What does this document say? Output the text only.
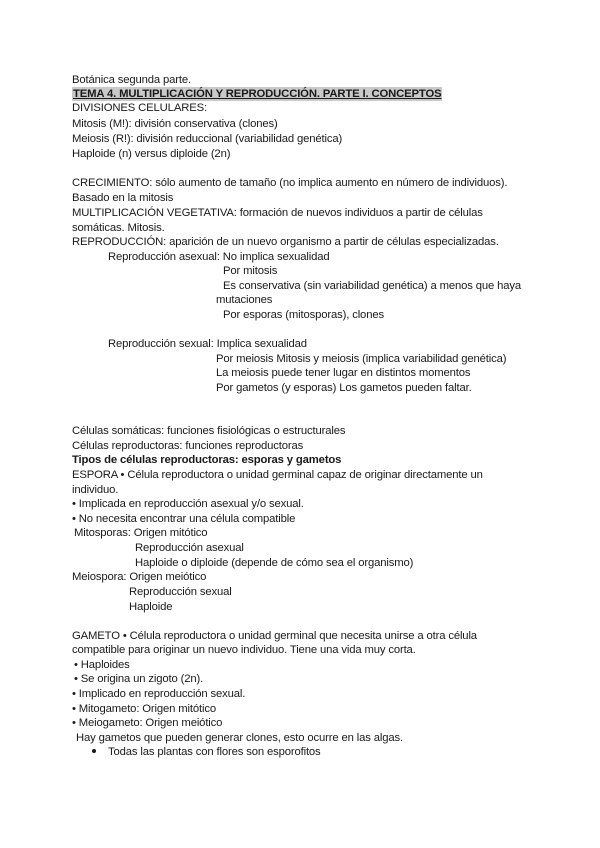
Botánica segunda parte.
TEMA 4. MULTIPLICACIÓN Y REPRODUCCIÓN. PARTE I. CONCEPTOS
DIVISIONES CELULARES:
Mitosis (M!): división conservativa (clones)
Meiosis (R!): división reduccional (variabilidad genética)
Haploide (n) versus diploide (2n)
CRECIMIENTO: sólo aumento de tamaño (no implica aumento en número de individuos).
Basado en la mitosis
MULTIPLICACIÓN VEGETATIVA: formación de nuevos individuos a partir de células
somáticas. Mitosis.
REPRODUCCIÓN: aparición de un nuevo organismo a partir de células especializadas.
Reproducción asexual: No implica sexualidad
Por mitosis
Es conservativa (sin variabilidad genética) a menos que haya
mutaciones
Por esporas (mitosporas), clones
Reproducción sexual: Implica sexualidad
Por meiosis Mitosis y meiosis (implica variabilidad genética)
La meiosis puede tener lugar en distintos momentos
Por gametos (y esporas) Los gametos pueden faltar.
Células somáticas: funciones fisiológicas o estructurales
Células reproductoras: funciones reproductoras
Tipos de células reproductoras: esporas y gametos
ESPORA • Célula reproductora o unidad germinal capaz de originar directamente un
individuo.
• Implicada en reproducción asexual y/o sexual.
• No necesita encontrar una célula compatible
Mitosporas: Origen mitótico
Reproducción asexual
Haploide o diploide (depende de cómo sea el organismo)
Meiospora: Origen meiótico
Reproducción sexual
Haploide
GAMETO • Célula reproductora o unidad germinal que necesita unirse a otra célula
compatible para originar un nuevo individuo. Tiene una vida muy corta.
• Haploides
• Se origina un zigoto (2n).
• Implicado en reproducción sexual.
• Mitogameto: Origen mitótico
• Meiogameto: Origen meiótico
Hay gametos que pueden generar clones, esto ocurre en las algas.
Todas las plantas con flores son esporofitos
